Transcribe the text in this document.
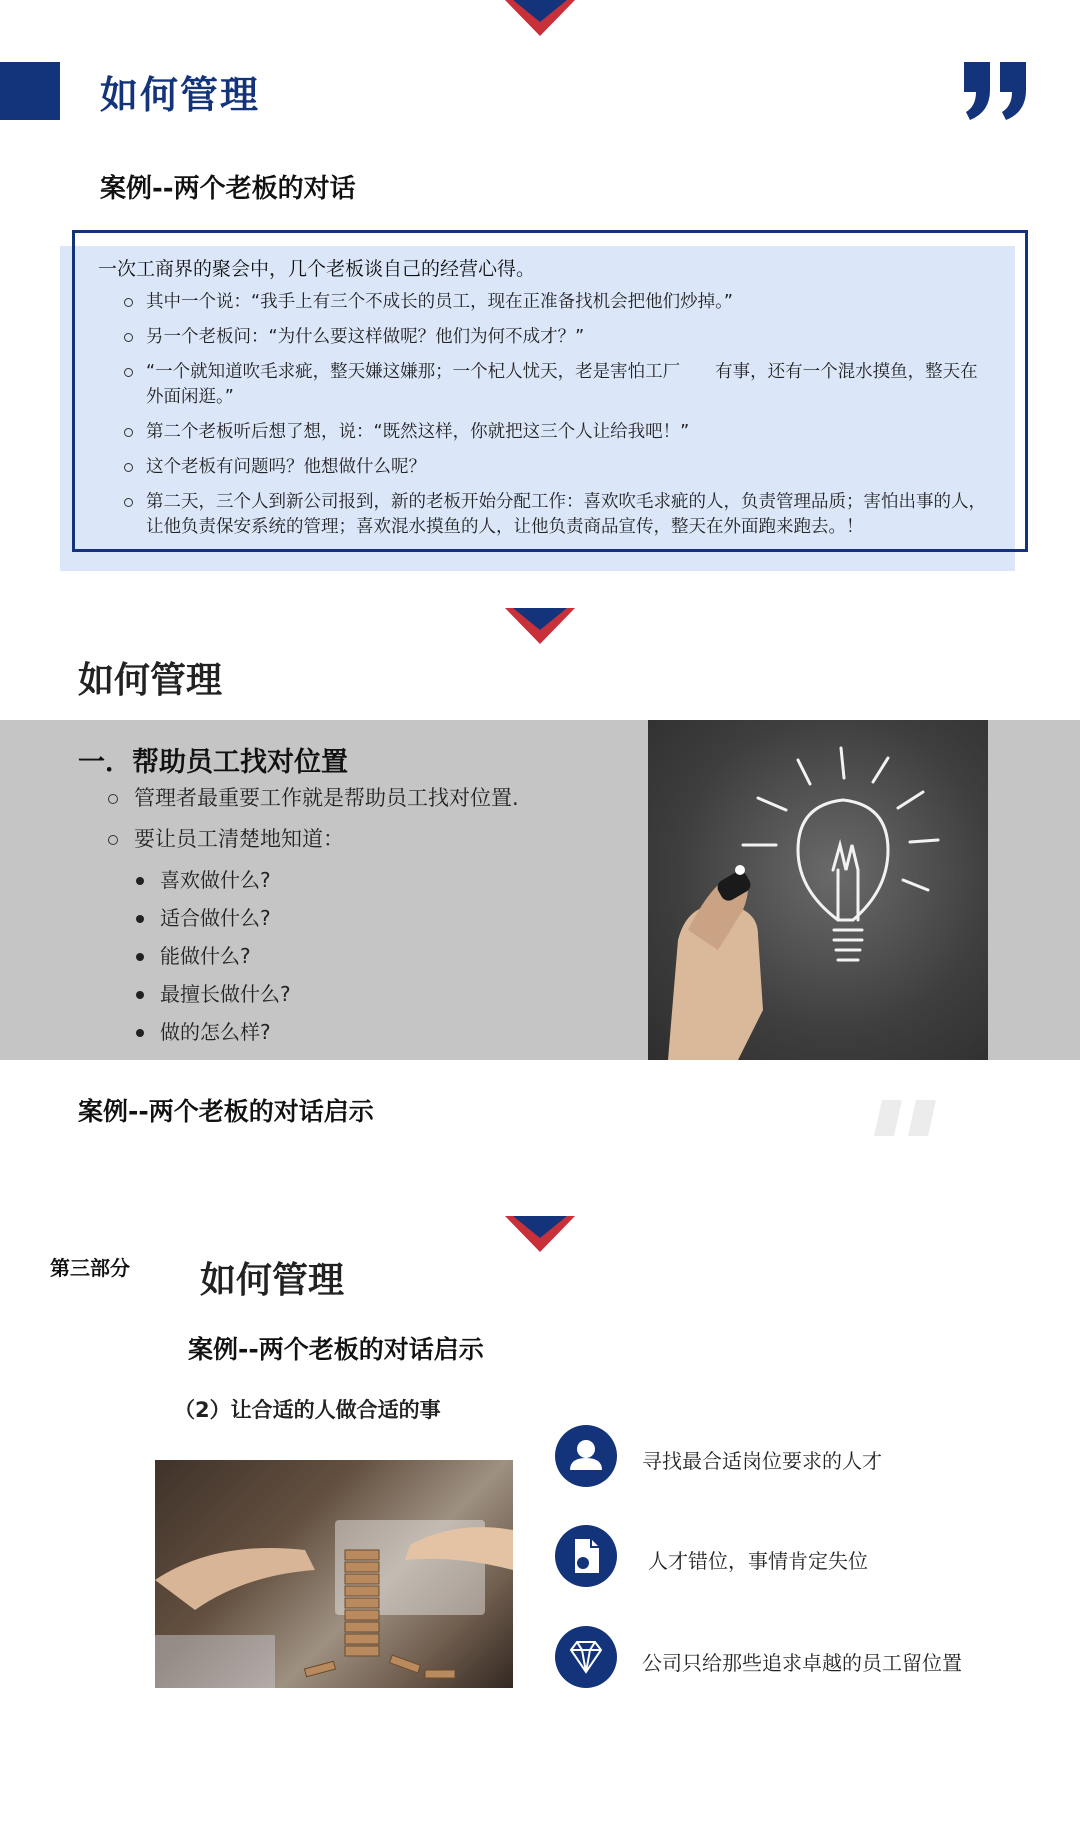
如何管理
案例--两个老板的对话
一次工商界的聚会中，几个老板谈自己的经营心得。
其中一个说：“我手上有三个不成长的员工，现在正准备找机会把他们炒掉。”
另一个老板问：“为什么要这样做呢？他们为何不成才？”
“一个就知道吹毛求疵，整天嫌这嫌那；一个杞人忧天，老是害怕工厂　　有事，还有一个混水摸鱼，整天在外面闲逛。”
第二个老板听后想了想，说：“既然这样，你就把这三个人让给我吧！”
这个老板有问题吗？他想做什么呢？
第二天，三个人到新公司报到，新的老板开始分配工作：喜欢吹毛求疵的人，负责管理品质；害怕出事的人，让他负责保安系统的管理；喜欢混水摸鱼的人，让他负责商品宣传，整天在外面跑来跑去。！
如何管理
一．帮助员工找对位置
管理者最重要工作就是帮助员工找对位置.
要让员工清楚地知道：
喜欢做什么?
适合做什么?
能做什么?
最擅长做什么?
做的怎么样?
案例--两个老板的对话启示
第三部分 如何管理
案例--两个老板的对话启示
（2）让合适的人做合适的事
寻找最合适岗位要求的人才
人才错位，事情肯定失位
公司只给那些追求卓越的员工留位置
